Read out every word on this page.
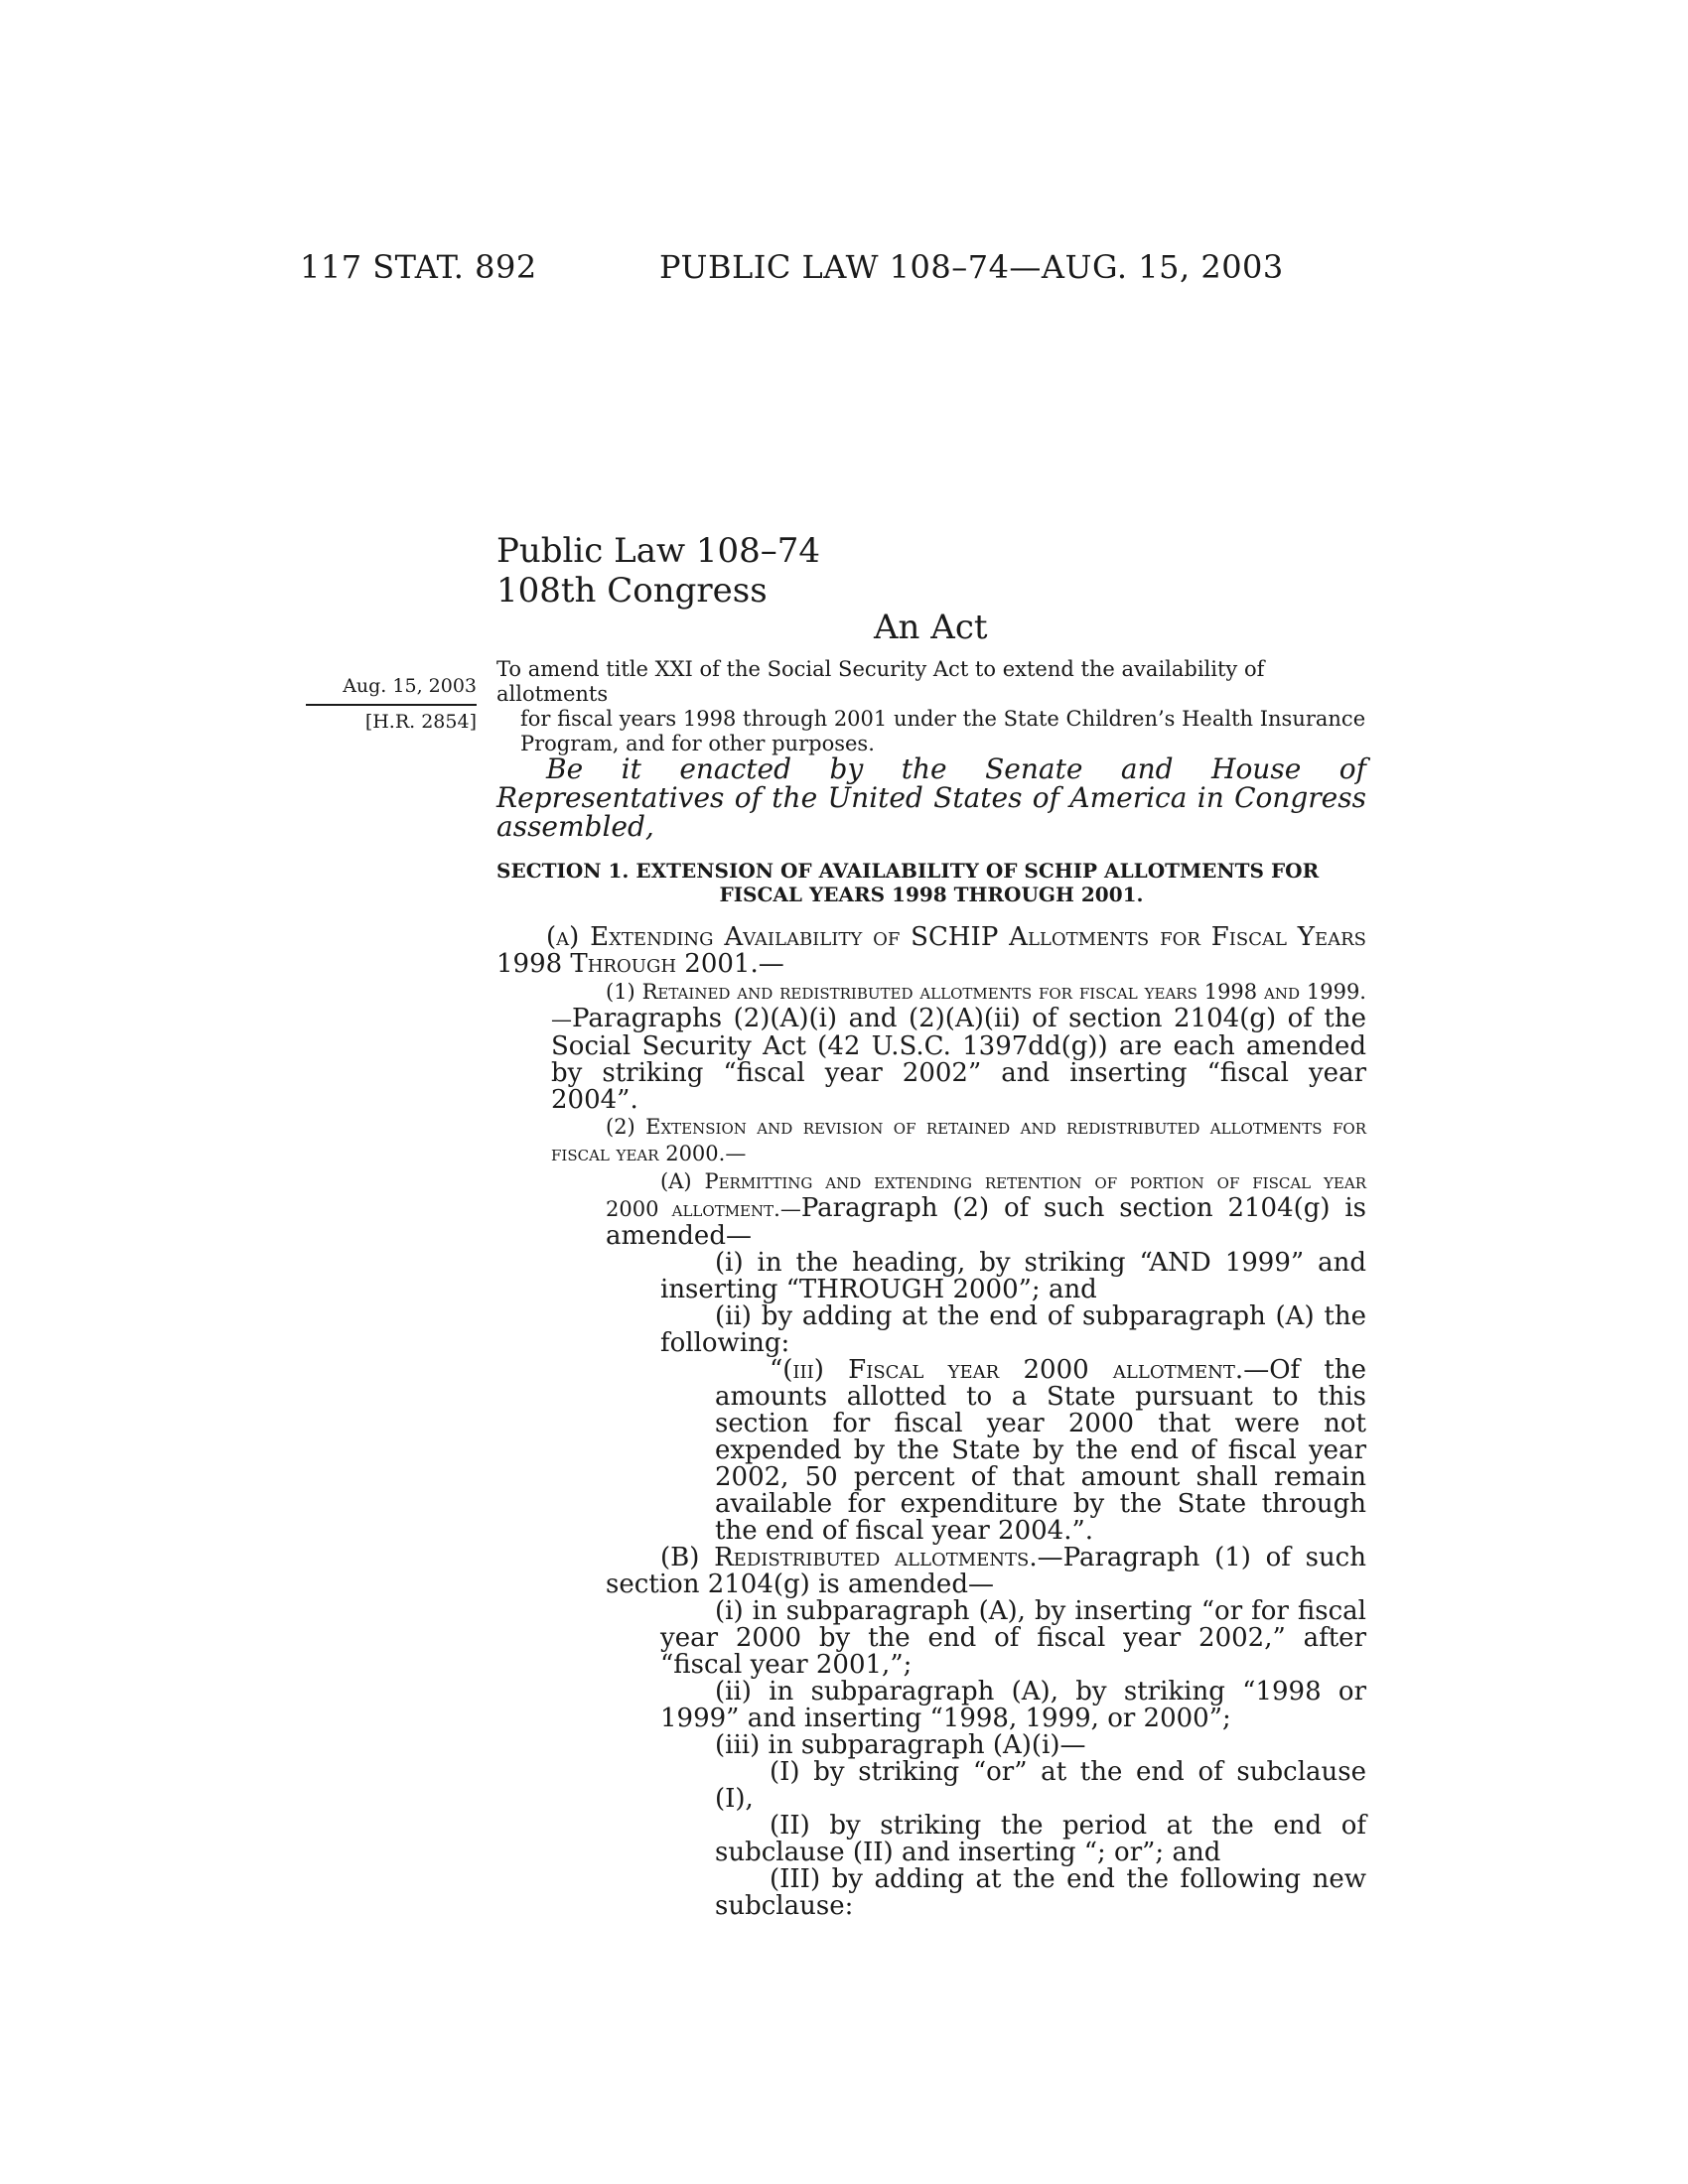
117 STAT. 892	PUBLIC LAW 108–74—AUG. 15, 2003
Public Law 108–74
108th Congress
An Act
Aug. 15, 2003
[H.R. 2854]
To amend title XXI of the Social Security Act to extend the availability of allotments
for fiscal years 1998 through 2001 under the State Children’s Health Insurance
Program, and for other purposes.

Be it enacted by the Senate and House of Representatives of the United States of America in Congress assembled,

SECTION 1. EXTENSION OF AVAILABILITY OF SCHIP ALLOTMENTS FOR
FISCAL YEARS 1998 THROUGH 2001.

(a) Extending Availability of SCHIP Allotments for Fiscal Years 1998 Through 2001.—

(1) Retained and redistributed allotments for fiscal years 1998 and 1999.—Paragraphs (2)(A)(i) and (2)(A)(ii) of section 2104(g) of the Social Security Act (42 U.S.C. 1397dd(g)) are each amended by striking “fiscal year 2002” and inserting “fiscal year 2004”.

(2) Extension and revision of retained and redistributed allotments for fiscal year 2000.—

(A) Permitting and extending retention of portion of fiscal year 2000 allotment.—Paragraph (2) of such section 2104(g) is amended—

(i) in the heading, by striking “AND 1999” and inserting “THROUGH 2000”; and

(ii) by adding at the end of subparagraph (A) the following:

“(iii) Fiscal year 2000 allotment.—Of the amounts allotted to a State pursuant to this section for fiscal year 2000 that were not expended by the State by the end of fiscal year 2002, 50 percent of that amount shall remain available for expenditure by the State through the end of fiscal year 2004.”.

(B) Redistributed allotments.—Paragraph (1) of such section 2104(g) is amended—

(i) in subparagraph (A), by inserting “or for fiscal year 2000 by the end of fiscal year 2002,” after “fiscal year 2001,”;

(ii) in subparagraph (A), by striking “1998 or 1999” and inserting “1998, 1999, or 2000”;

(iii) in subparagraph (A)(i)—

(I) by striking “or” at the end of subclause (I),

(II) by striking the period at the end of subclause (II) and inserting “; or”; and

(III) by adding at the end the following new subclause:
